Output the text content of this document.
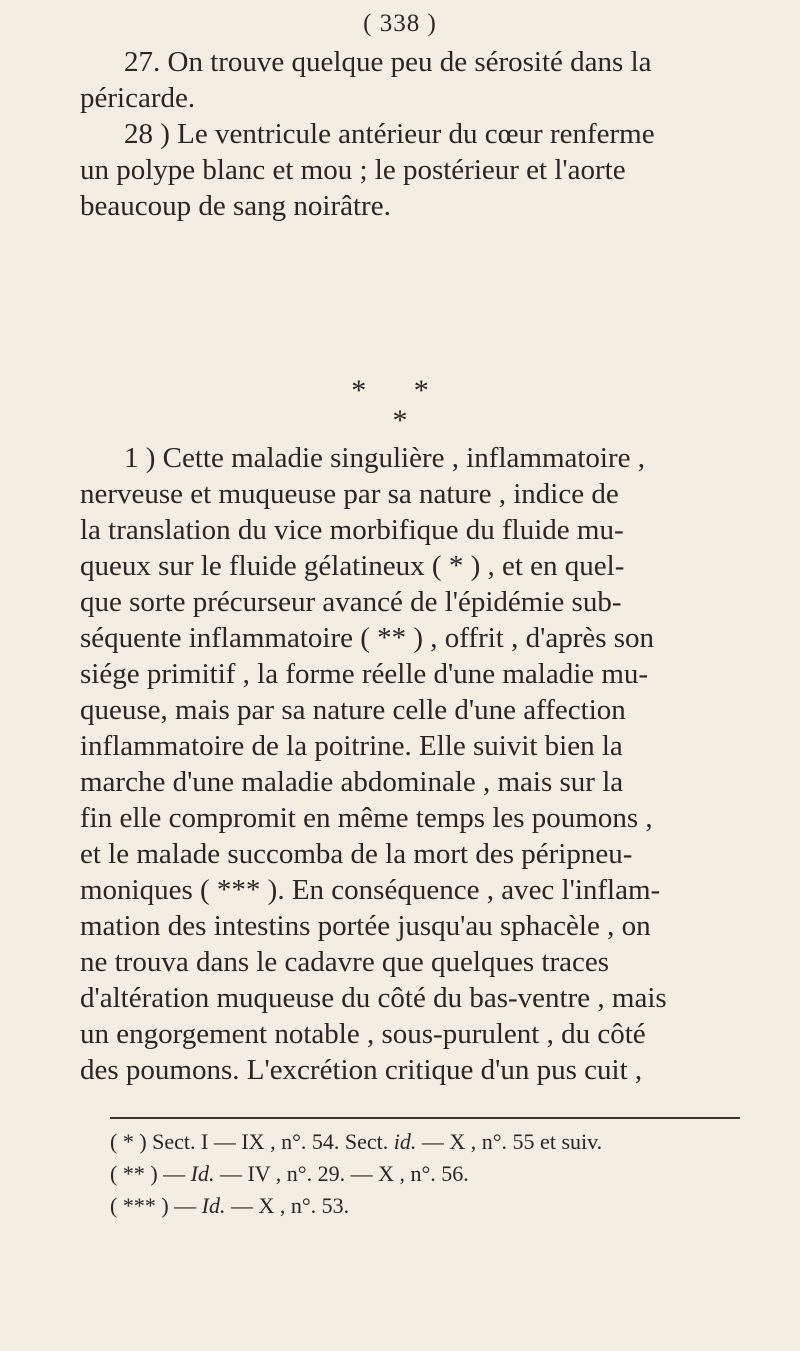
( 338 )

27. On trouve quelque peu de sérosité dans la
péricarde.

28 ) Le ventricule antérieur du cœur renferme
un polype blanc et mou ; le postérieur et l'aorte
beaucoup de sang noirâtre.

* *
*

1 ) Cette maladie singulière , inflammatoire ,
nerveuse et muqueuse par sa nature , indice de
la translation du vice morbifique du fluide mu-
queux sur le fluide gélatineux ( * ) , et en quel-
que sorte précurseur avancé de l'épidémie sub-
séquente inflammatoire ( ** ) , offrit , d'après son
siége primitif , la forme réelle d'une maladie mu-
queuse, mais par sa nature celle d'une affection
inflammatoire de la poitrine. Elle suivit bien la
marche d'une maladie abdominale , mais sur la
fin elle compromit en même temps les poumons ,
et le malade succomba de la mort des péripneu-
moniques ( *** ). En conséquence , avec l'inflam-
mation des intestins portée jusqu'au sphacèle , on
ne trouva dans le cadavre que quelques traces
d'altération muqueuse du côté du bas-ventre , mais
un engorgement notable , sous-purulent , du côté
des poumons. L'excrétion critique d'un pus cuit ,

( * ) Sect. I — IX , n°. 54. Sect. id. — X , n°. 55 et suiv.
( ** ) — Id. — IV , n°. 29. — X , n°. 56.
( *** ) — Id. — X , n°. 53.
